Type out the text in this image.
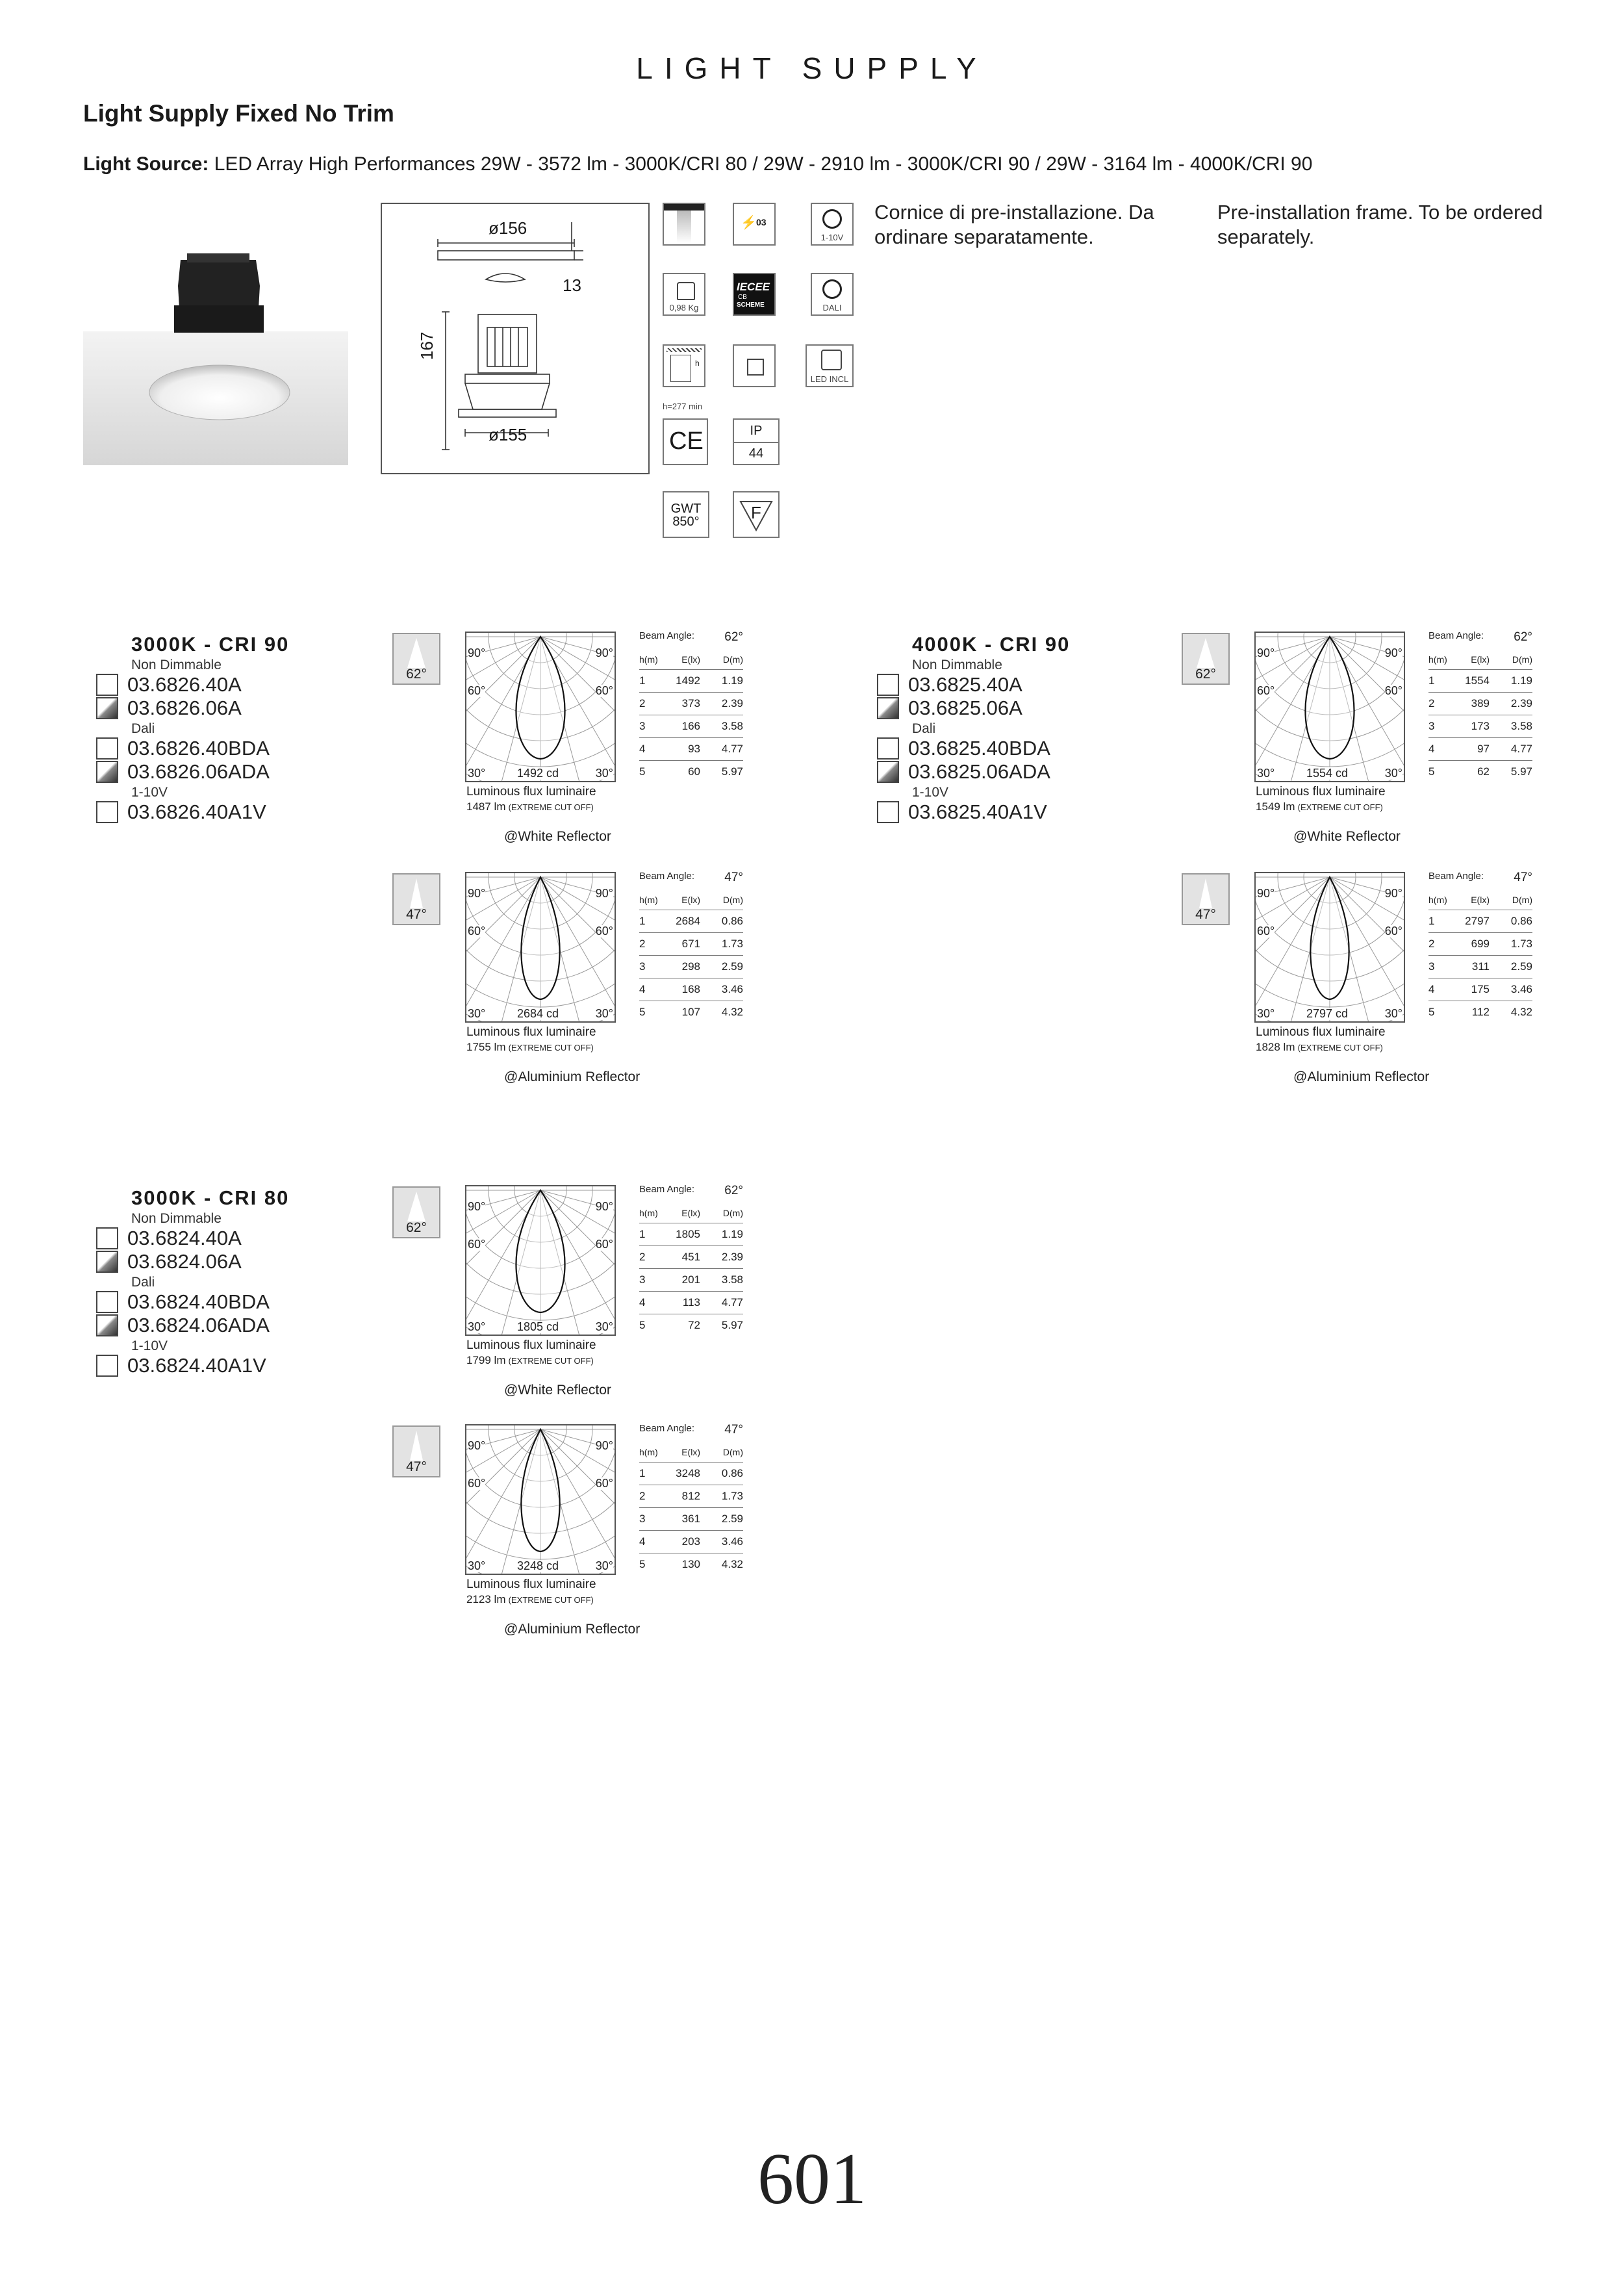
LIGHT SUPPLY
Light Supply Fixed No Trim
Light Source: LED Array High Performances 29W - 3572 lm - 3000K/CRI 80 / 29W - 2910 lm - 3000K/CRI 90 / 29W - 3164 lm - 4000K/CRI 90
ø156
13
167
ø155
⚡ 03
1-10V
0,98 Kg
IECEE
CB
SCHEME	DALI
h
h=277 min
LED INCL
CE	IP
44
GWT
850°	F
Cornice di pre-installazione. Da ordinare separatamente.
Pre-installation frame. To be ordered separately.
3000K - CRI 90
Non Dimmable
03.6826.40A
03.6826.06A
Dali
03.6826.40BDA
03.6826.06ADA
1-10V
03.6826.40A1V
4000K - CRI 90
Non Dimmable
03.6825.40A
03.6825.06A
Dali
03.6825.40BDA
03.6825.06ADA
1-10V
03.6825.40A1V
3000K - CRI 80
Non Dimmable
03.6824.40A
03.6824.06A
Dali
03.6824.40BDA
03.6824.06ADA
1-10V
03.6824.40A1V
62°
90°	90°
60°	60°
30°	30°
1492 cd
Luminous flux luminaire
1487 lm (EXTREME CUT OFF)
@White Reflector
Beam Angle: 62°
h(m)	E(lx)	D(m)
1	1492	1.19
2	373	2.39
3	166	3.58
4	93	4.77
5	60	5.97
47°
90°	90°
60°	60°
30°	30°
2684 cd
Luminous flux luminaire
1755 lm (EXTREME CUT OFF)
@Aluminium Reflector
Beam Angle: 47°
h(m)	E(lx)	D(m)
1	2684	0.86
2	671	1.73
3	298	2.59
4	168	3.46
5	107	4.32
62°
90°	90°
60°	60°
30°	30°
1554 cd
Luminous flux luminaire
1549 lm (EXTREME CUT OFF)
@White Reflector
Beam Angle: 62°
h(m)	E(lx)	D(m)
1	1554	1.19
2	389	2.39
3	173	3.58
4	97	4.77
5	62	5.97
47°
90°	90°
60°	60°
30°	30°
2797 cd
Luminous flux luminaire
1828 lm (EXTREME CUT OFF)
@Aluminium Reflector
Beam Angle: 47°
h(m)	E(lx)	D(m)
1	2797	0.86
2	699	1.73
3	311	2.59
4	175	3.46
5	112	4.32
62°
90°	90°
60°	60°
30°	30°
1805 cd
Luminous flux luminaire
1799 lm (EXTREME CUT OFF)
@White Reflector
Beam Angle: 62°
h(m)	E(lx)	D(m)
1	1805	1.19
2	451	2.39
3	201	3.58
4	113	4.77
5	72	5.97
47°
90°	90°
60°	60°
30°	30°
3248 cd
Luminous flux luminaire
2123 lm (EXTREME CUT OFF)
@Aluminium Reflector
Beam Angle: 47°
h(m)	E(lx)	D(m)
1	3248	0.86
2	812	1.73
3	361	2.59
4	203	3.46
5	130	4.32
601
